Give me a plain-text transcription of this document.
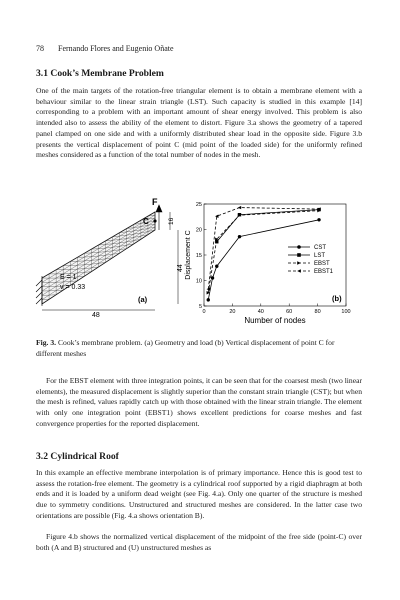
78 Fernando Flores and Eugenio Oñate
3.1 Cook’s Membrane Problem
One of the main targets of the rotation-free triangular element is to obtain a membrane element with a behaviour similar to the linear strain triangle (LST). Such capacity is studied in this example [14] corresponding to a problem with an important amount of shear energy involved. This problem is also intended also to assess the ability of the element to distort. Figure 3.a shows the geometry of a tapered panel clamped on one side and with a uniformly distributed shear load in the opposite side. Figure 3.b presents the vertical displacement of point C (mid point of the loaded side) for the uniformly refined meshes considered as a function of the total number of nodes in the mesh.
F
C	16
44
48
E = 1
ν = 0.33
(a)
0	20	40	60	80	100
5
10
15
20
25
CST
LST
EBST
EBST1
Number of nodes
Displacement C
(b)
Fig. 3. Cook’s membrane problem. (a) Geometry and load (b) Vertical displacement of point C for different meshes
For the EBST element with three integration points, it can be seen that for the coarsest mesh (two linear elements), the measured displacement is slightly superior than the constant strain triangle (CST); but when the mesh is refined, values rapidly catch up with those obtained with the linear strain triangle. The element with only one integration point (EBST1) shows excellent predictions for coarse meshes and fast convergence properties for the reported displacement.
3.2 Cylindrical Roof
In this example an effective membrane interpolation is of primary importance. Hence this is good test to assess the rotation-free element. The geometry is a cylindrical roof supported by a rigid diaphragm at both ends and it is loaded by a uniform dead weight (see Fig. 4.a). Only one quarter of the structure is meshed due to symmetry conditions. Unstructured and structured meshes are considered. In the latter case two orientations are possible (Fig. 4.a shows orientation B).
Figure 4.b shows the normalized vertical displacement of the midpoint of the free side (point-C) over both (A and B) structured and (U) unstructured meshes as
